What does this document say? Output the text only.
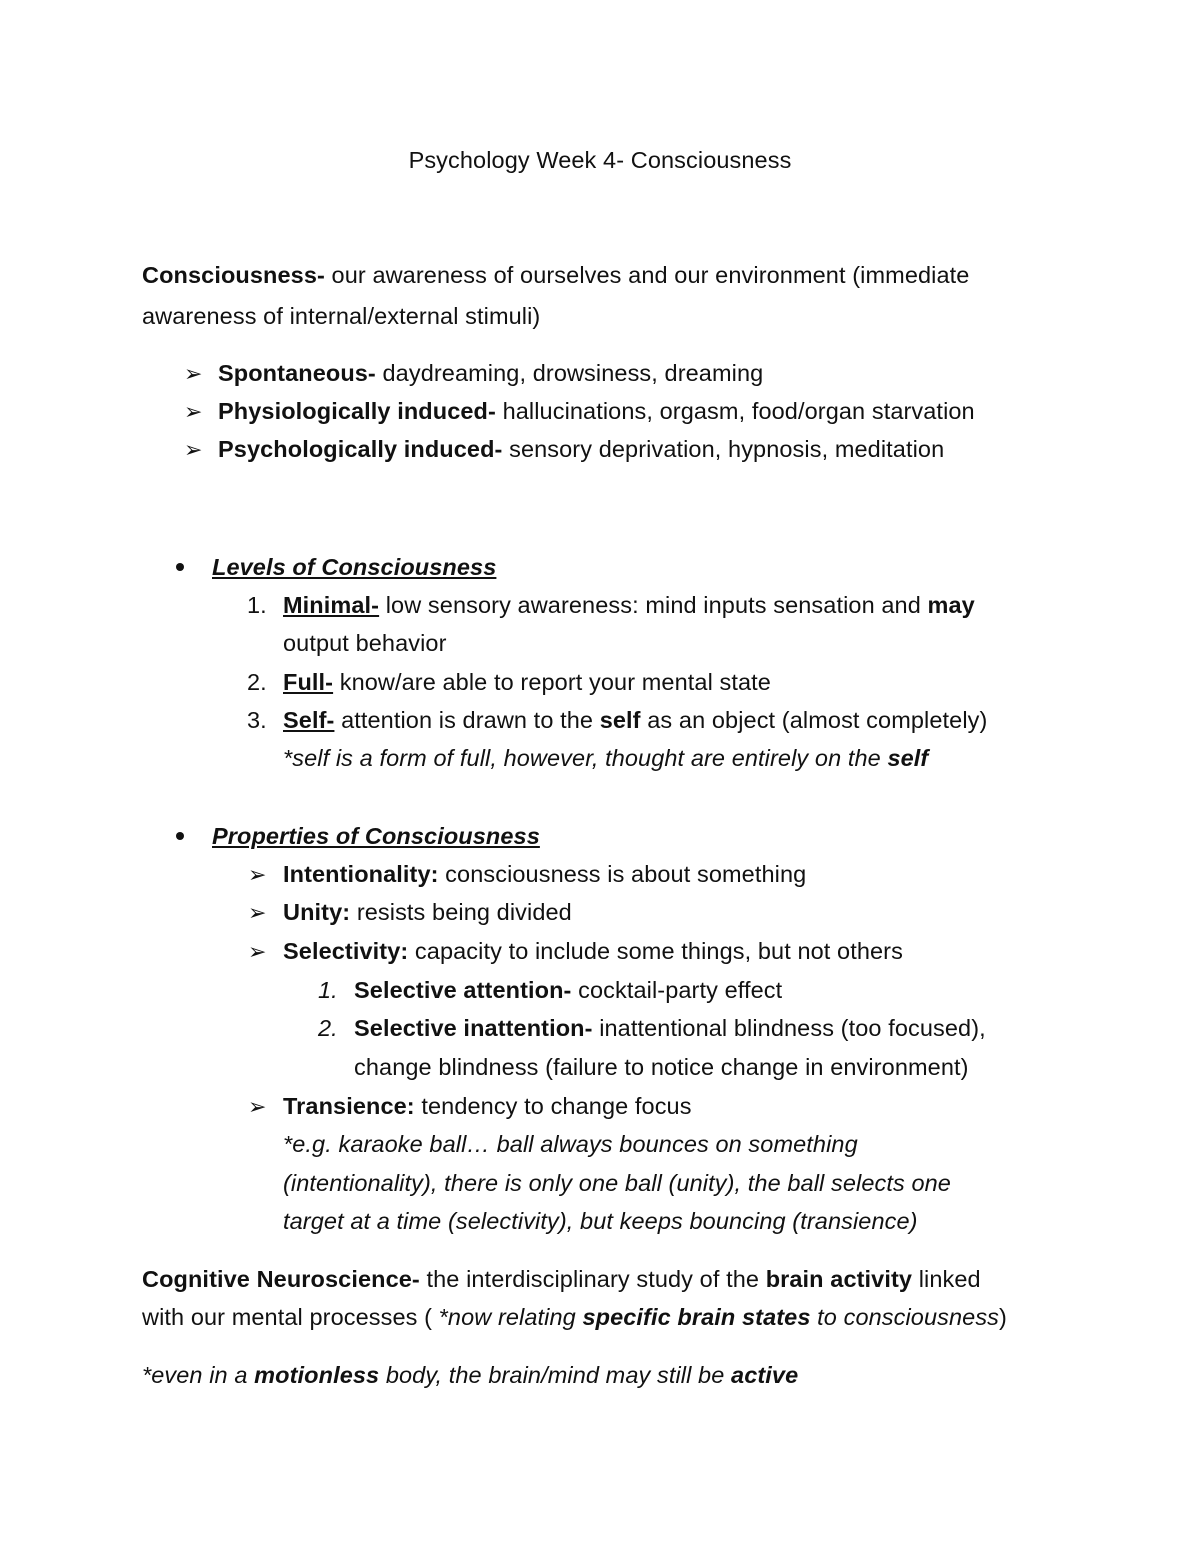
Psychology Week 4- Consciousness
Consciousness- our awareness of ourselves and our environment (immediate
awareness of internal/external stimuli)
➢ Spontaneous- daydreaming, drowsiness, dreaming
➢ Physiologically induced- hallucinations, orgasm, food/organ starvation
➢ Psychologically induced- sensory deprivation, hypnosis, meditation
Levels of Consciousness
1. Minimal- low sensory awareness: mind inputs sensation and may
output behavior
2. Full- know/are able to report your mental state
3. Self- attention is drawn to the self as an object (almost completely)
*self is a form of full, however, thought are entirely on the self
Properties of Consciousness
➢ Intentionality: consciousness is about something
➢ Unity: resists being divided
➢ Selectivity: capacity to include some things, but not others
1. Selective attention- cocktail-party effect
2. Selective inattention- inattentional blindness (too focused),
change blindness (failure to notice change in environment)
➢ Transience: tendency to change focus
*e.g. karaoke ball… ball always bounces on something
(intentionality), there is only one ball (unity), the ball selects one
target at a time (selectivity), but keeps bouncing (transience)
Cognitive Neuroscience- the interdisciplinary study of the brain activity linked
with our mental processes ( *now relating specific brain states to consciousness)
*even in a motionless body, the brain/mind may still be active
